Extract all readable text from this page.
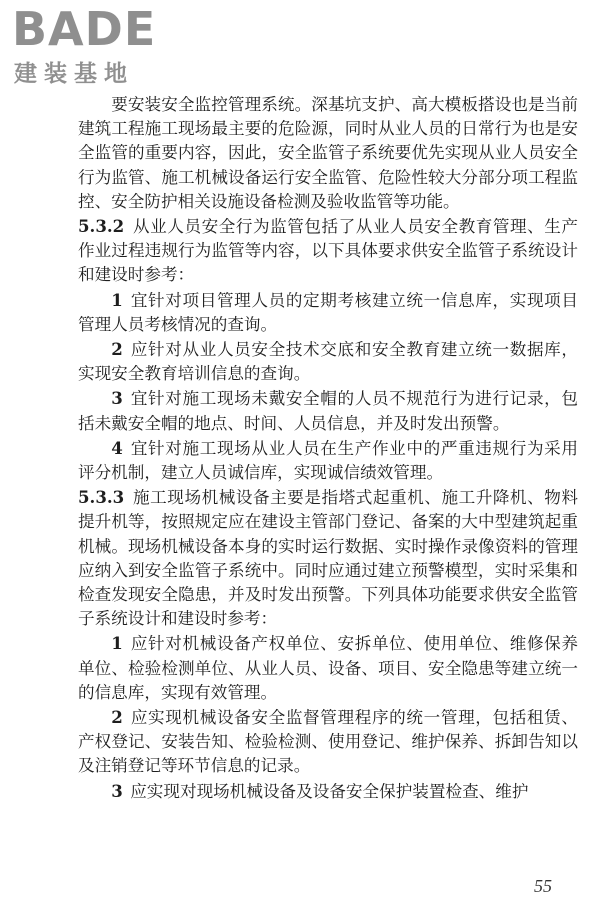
BADE
建装基地

要安装安全监控管理系统。深基坑支护、高大模板搭设也是当前建筑工程施工现场最主要的危险源，同时从业人员的日常行为也是安全监管的重要内容，因此，安全监管子系统要优先实现从业人员安全行为监管、施工机械设备运行安全监管、危险性较大分部分项工程监控、安全防护相关设施设备检测及验收监管等功能。

5.3.2 从业人员安全行为监管包括了从业人员安全教育管理、生产作业过程违规行为监管等内容，以下具体要求供安全监管子系统设计和建设时参考：

1 宜针对项目管理人员的定期考核建立统一信息库，实现项目管理人员考核情况的查询。

2 应针对从业人员安全技术交底和安全教育建立统一数据库，实现安全教育培训信息的查询。

3 宜针对施工现场未戴安全帽的人员不规范行为进行记录，包括未戴安全帽的地点、时间、人员信息，并及时发出预警。

4 宜针对施工现场从业人员在生产作业中的严重违规行为采用评分机制，建立人员诚信库，实现诚信绩效管理。

5.3.3 施工现场机械设备主要是指塔式起重机、施工升降机、物料提升机等，按照规定应在建设主管部门登记、备案的大中型建筑起重机械。现场机械设备本身的实时运行数据、实时操作录像资料的管理应纳入到安全监管子系统中。同时应通过建立预警模型，实时采集和检查发现安全隐患，并及时发出预警。下列具体功能要求供安全监管子系统设计和建设时参考：

1 应针对机械设备产权单位、安拆单位、使用单位、维修保养单位、检验检测单位、从业人员、设备、项目、安全隐患等建立统一的信息库，实现有效管理。

2 应实现机械设备安全监督管理程序的统一管理，包括租赁、产权登记、安装告知、检验检测、使用登记、维护保养、拆卸告知以及注销登记等环节信息的记录。

3 应实现对现场机械设备及设备安全保护装置检查、维护

55
